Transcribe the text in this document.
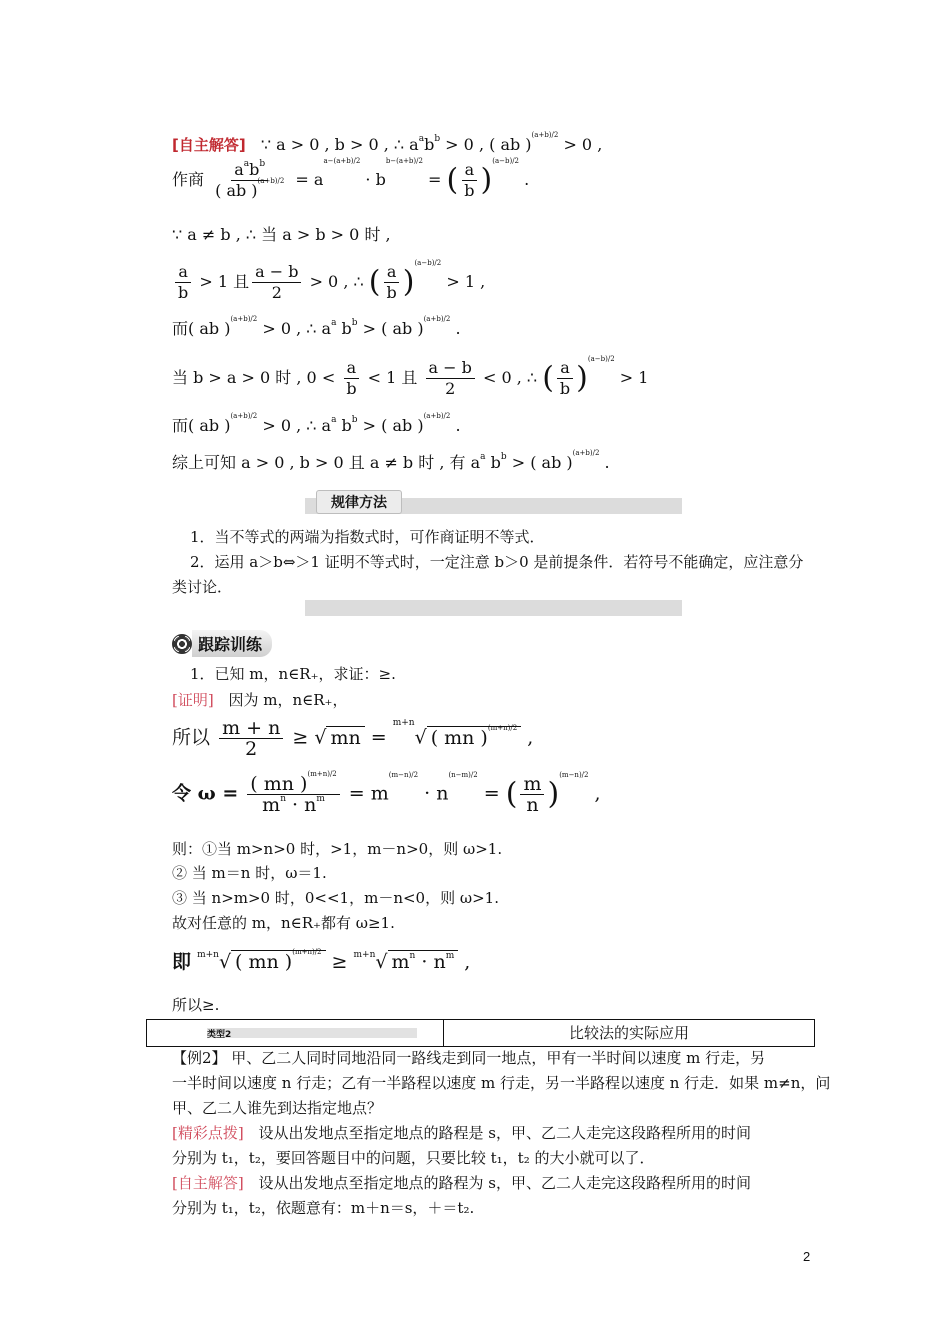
[自主解答] ∵ a > 0 , b > 0 , ∴ $a^ab^b > 0$ , ( ab )$^{(a+b)/2}$ > 0 ,
作商 $\frac{a^ab^b}{( ab )^{(a+b)/2}} = a^{a-(a+b)/2} \cdot b^{b-(a+b)/2}$ = ( $\frac{a}{b} )^{(a-b)/2}$ .
∵ a ≠ b , ∴ 当 a > b > 0 时 ,
$\frac{a}{b} > 1$ 且 $\frac{a - b}{2} > 0$ , ∴ ( $\frac{a}{b} )^{(a-b)/2} > 1$ ,
而( ab )$^{(a+b)/2}$ > 0 , ∴ $a^a$ $b^b$ > ( ab )$^{(a+b)/2}$ .
当 b > a > 0 时 , $0 < \frac{a}{b} < 1$ 且 $\frac{a - b}{2} < 0$ , ∴ ( $\frac{a}{b} )^{(a-b)/2} > 1$
而( ab )$^{(a+b)/2}$ > 0 , ∴ $a^a$ $b^b$ > ( ab )$^{(a+b)/2}$ .
综上可知 a > 0 , b > 0 且 a ≠ b 时 , 有 $a^a$ $b^b$ > ( ab )$^{(a+b)/2}$ .
规律方法
1．当不等式的两端为指数式时，可作商证明不等式．
2．运用 a＞b⇔＞1 证明不等式时，一定注意 b＞0 是前提条件．若符号不能确定，应注意分
类讨论．
跟踪训练
1．已知 m，n∈R₊，求证：≥.
[证明] 因为 m，n∈R₊，
所以 $\frac{m + n}{2}$ ≥ √ mn = $^{m+n}$√ ( mn )$^{(m+n)/2}$ ,
令 $\omega = \frac{( mn )^{(m+n)/2}}{m^n \cdot n^m} = m^{(m-n)/2} \cdot n^{(n-m)/2}$ = ( $\frac{m}{n} )^{(m-n)/2}$ ,
则：①当 m>n>0 时，>1，m－n>0，则 ω>1.
② 当 m＝n 时，ω＝1.
③ 当 n>m>0 时，0<<1，m－n<0，则 ω>1.
故对任意的 m，n∈R₊都有 ω≥1.
即 $^{m+n}$√ ( mn )$^{(m+n)/2}$ ≥ $^{m+n}$√ $m^n \cdot n^m$ ,
所以≥.
类型2	比较法的实际应用
【例2】 甲、乙二人同时同地沿同一路线走到同一地点，甲有一半时间以速度 m 行走，另
一半时间以速度 n 行走；乙有一半路程以速度 m 行走，另一半路程以速度 n 行走．如果 m≠n，问
甲、乙二人谁先到达指定地点？
[精彩点拨] 设从出发地点至指定地点的路程是 s，甲、乙二人走完这段路程所用的时间
分别为 t₁，t₂，要回答题目中的问题，只要比较 t₁，t₂ 的大小就可以了．
[自主解答] 设从出发地点至指定地点的路程为 s，甲、乙二人走完这段路程所用的时间
分别为 t₁，t₂，依题意有：m＋n＝s，＋＝t₂.
2
